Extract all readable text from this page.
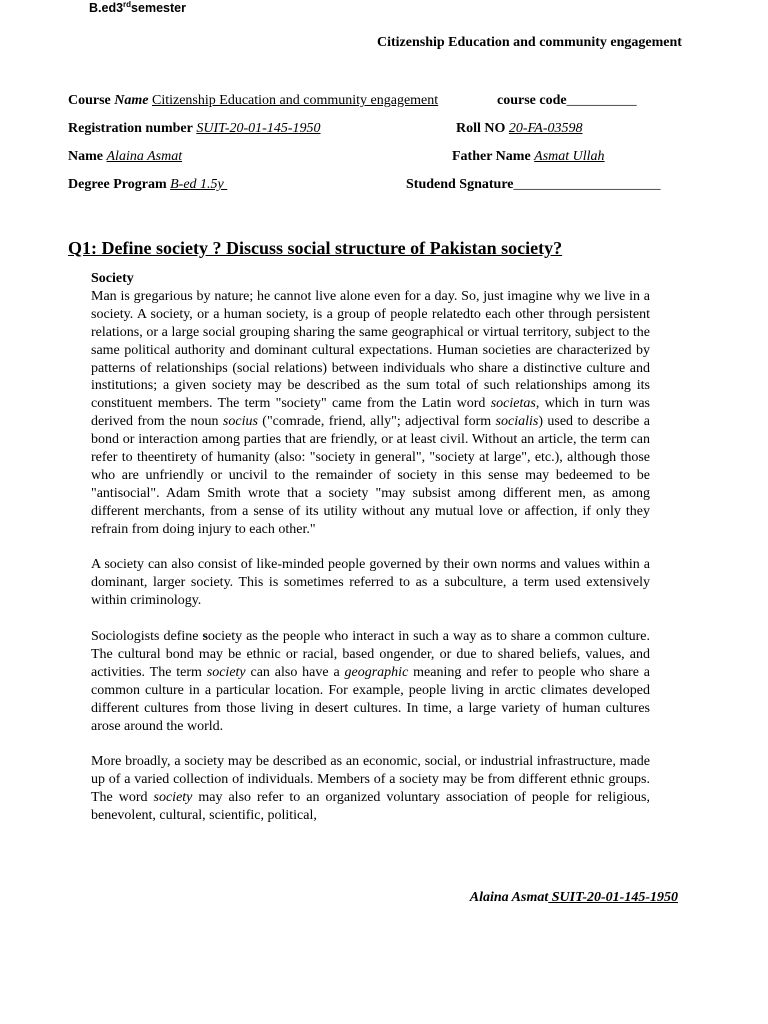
B.ed3rdsemester
Citizenship Education and community engagement
Course Name Citizenship Education and community engagement	course code__________
Registration number SUIT-20-01-145-1950	Roll NO 20-FA-03598
Name Alaina Asmat	Father Name Asmat Ullah
Degree Program B-ed 1.5y	Studend Sgnature_____________________
Q1: Define society ? Discuss social structure of Pakistan society?
Society

Man is gregarious by nature; he cannot live alone even for a day. So, just imagine why we live in a society. A society, or a human society, is a group of people relatedto each other through persistent relations, or a large social grouping sharing the same geographical or virtual territory, subject to the same political authority and dominant cultural expectations. Human societies are characterized by patterns of relationships (social relations) between individuals who share a distinctive culture and institutions; a given society may be described as the sum total of such relationships among its constituent members. The term "society" came from the Latin word societas, which in turn was derived from the noun socius ("comrade, friend, ally"; adjectival form socialis) used to describe a bond or interaction among parties that are friendly, or at least civil. Without an article, the term can refer to theentirety of humanity (also: "society in general", "society at large", etc.), although those who are unfriendly or uncivil to the remainder of society in this sense may bedeemed to be "antisocial". Adam Smith wrote that a society "may subsist among different men, as among different merchants, from a sense of its utility without any mutual love or affection, if only they refrain from doing injury to each other."

A society can also consist of like-minded people governed by their own norms and values within a dominant, larger society. This is sometimes referred to as a subculture, a term used extensively within criminology.

Sociologists define society as the people who interact in such a way as to share a common culture. The cultural bond may be ethnic or racial, based ongender, or due to shared beliefs, values, and activities. The term society can also have a geographic meaning and refer to people who share a common culture in a particular location. For example, people living in arctic climates developed different cultures from those living in desert cultures. In time, a large variety of human cultures arose around the world.

More broadly, a society may be described as an economic, social, or industrial infrastructure, made up of a varied collection of individuals. Members of a society may be from different ethnic groups. The word society may also refer to an organized voluntary association of people for religious, benevolent, cultural, scientific, political,

Alaina Asmat SUIT-20-01-145-1950
